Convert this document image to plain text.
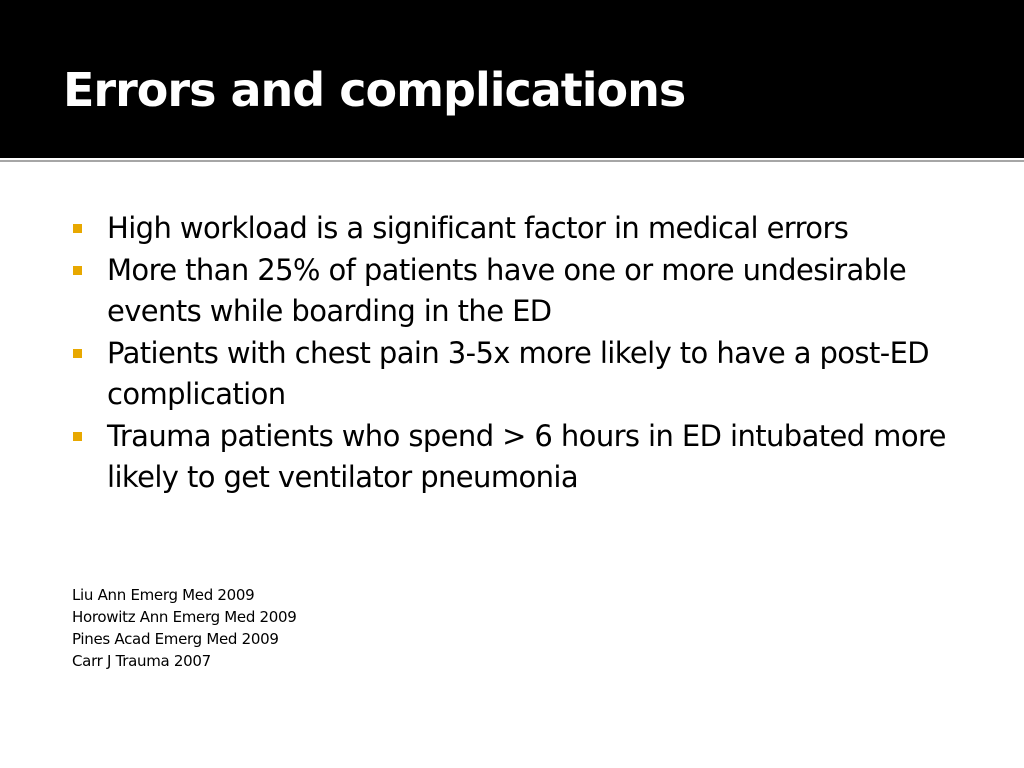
Errors and complications
High workload is a significant factor in medical errors
More than 25% of patients have one or more undesirable events while boarding in the ED
Patients with chest pain 3-5x more likely to have a post-ED complication
Trauma patients who spend > 6 hours in ED intubated more likely to get ventilator pneumonia
Liu Ann Emerg Med 2009
Horowitz Ann Emerg Med 2009
Pines Acad Emerg Med 2009
Carr J Trauma 2007
